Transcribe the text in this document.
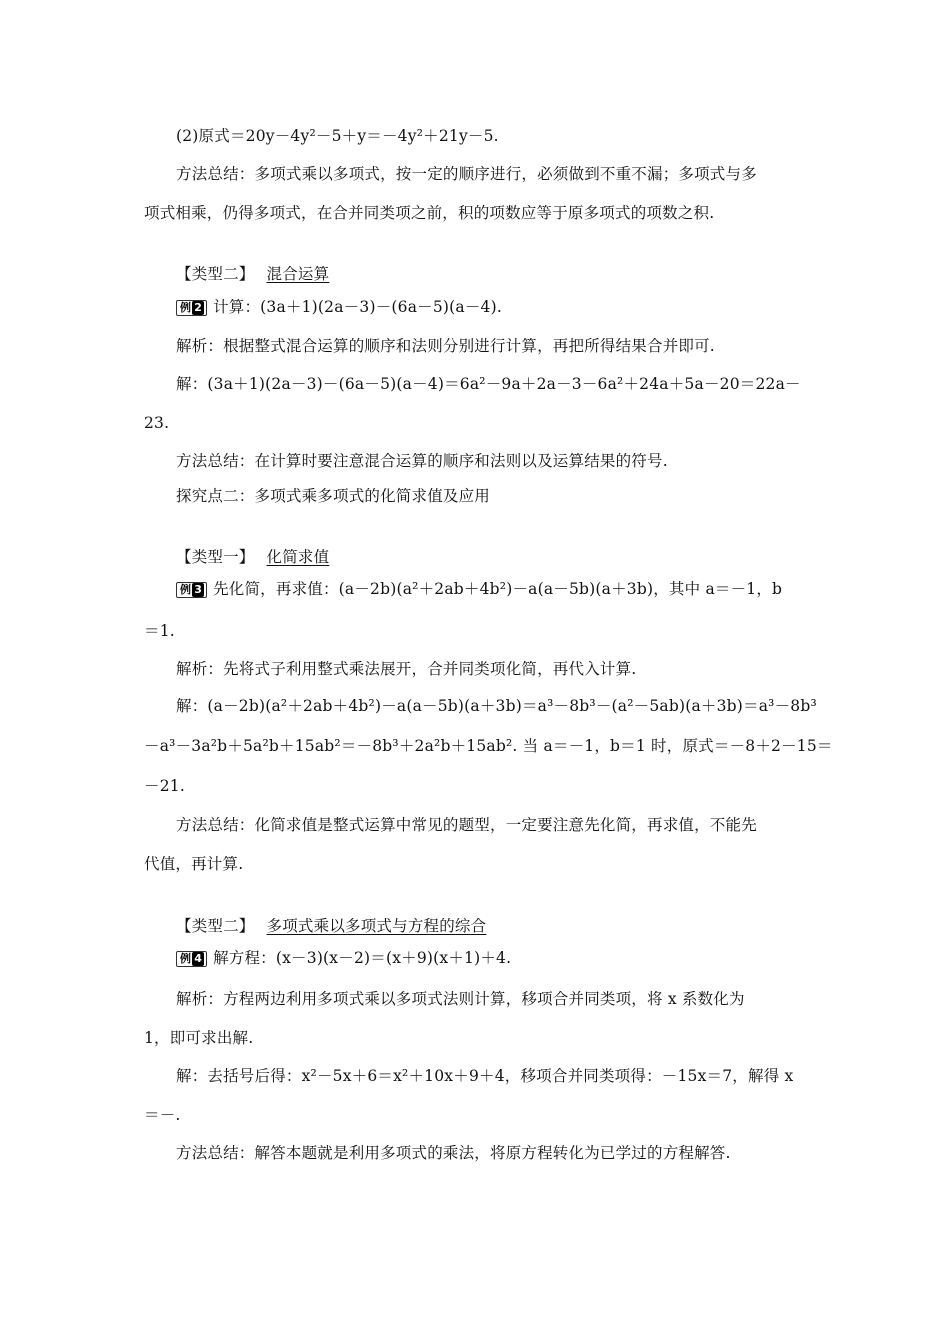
(2)原式＝20y－4y²－5＋y＝－4y²＋21y－5.
方法总结：多项式乘以多项式，按一定的顺序进行，必须做到不重不漏；多项式与多
项式相乘，仍得多项式，在合并同类项之前，积的项数应等于原多项式的项数之积.
【类型二】 混合运算
例 2 计算：(3a＋1)(2a－3)－(6a－5)(a－4).
解析：根据整式混合运算的顺序和法则分别进行计算，再把所得结果合并即可.
解：(3a＋1)(2a－3)－(6a－5)(a－4)＝6a²－9a＋2a－3－6a²＋24a＋5a－20＝22a－
23.
方法总结：在计算时要注意混合运算的顺序和法则以及运算结果的符号.
探究点二：多项式乘多项式的化简求值及应用
【类型一】 化简求值
例 3 先化简，再求值：(a－2b)(a²＋2ab＋4b²)－a(a－5b)(a＋3b)，其中 a＝－1，b
＝1.
解析：先将式子利用整式乘法展开，合并同类项化简，再代入计算.
解：(a－2b)(a²＋2ab＋4b²)－a(a－5b)(a＋3b)＝a³－8b³－(a²－5ab)(a＋3b)＝a³－8b³
－a³－3a²b＋5a²b＋15ab²＝－8b³＋2a²b＋15ab². 当 a＝－1，b＝1 时，原式＝－8＋2－15＝
－21.
方法总结：化简求值是整式运算中常见的题型，一定要注意先化简，再求值，不能先
代值，再计算.
【类型二】 多项式乘以多项式与方程的综合
例 4 解方程：(x－3)(x－2)＝(x＋9)(x＋1)＋4.
解析：方程两边利用多项式乘以多项式法则计算，移项合并同类项，将 x 系数化为
1，即可求出解.
解：去括号后得：x²－5x＋6＝x²＋10x＋9＋4，移项合并同类项得：－15x＝7，解得 x
＝－.
方法总结：解答本题就是利用多项式的乘法，将原方程转化为已学过的方程解答.
